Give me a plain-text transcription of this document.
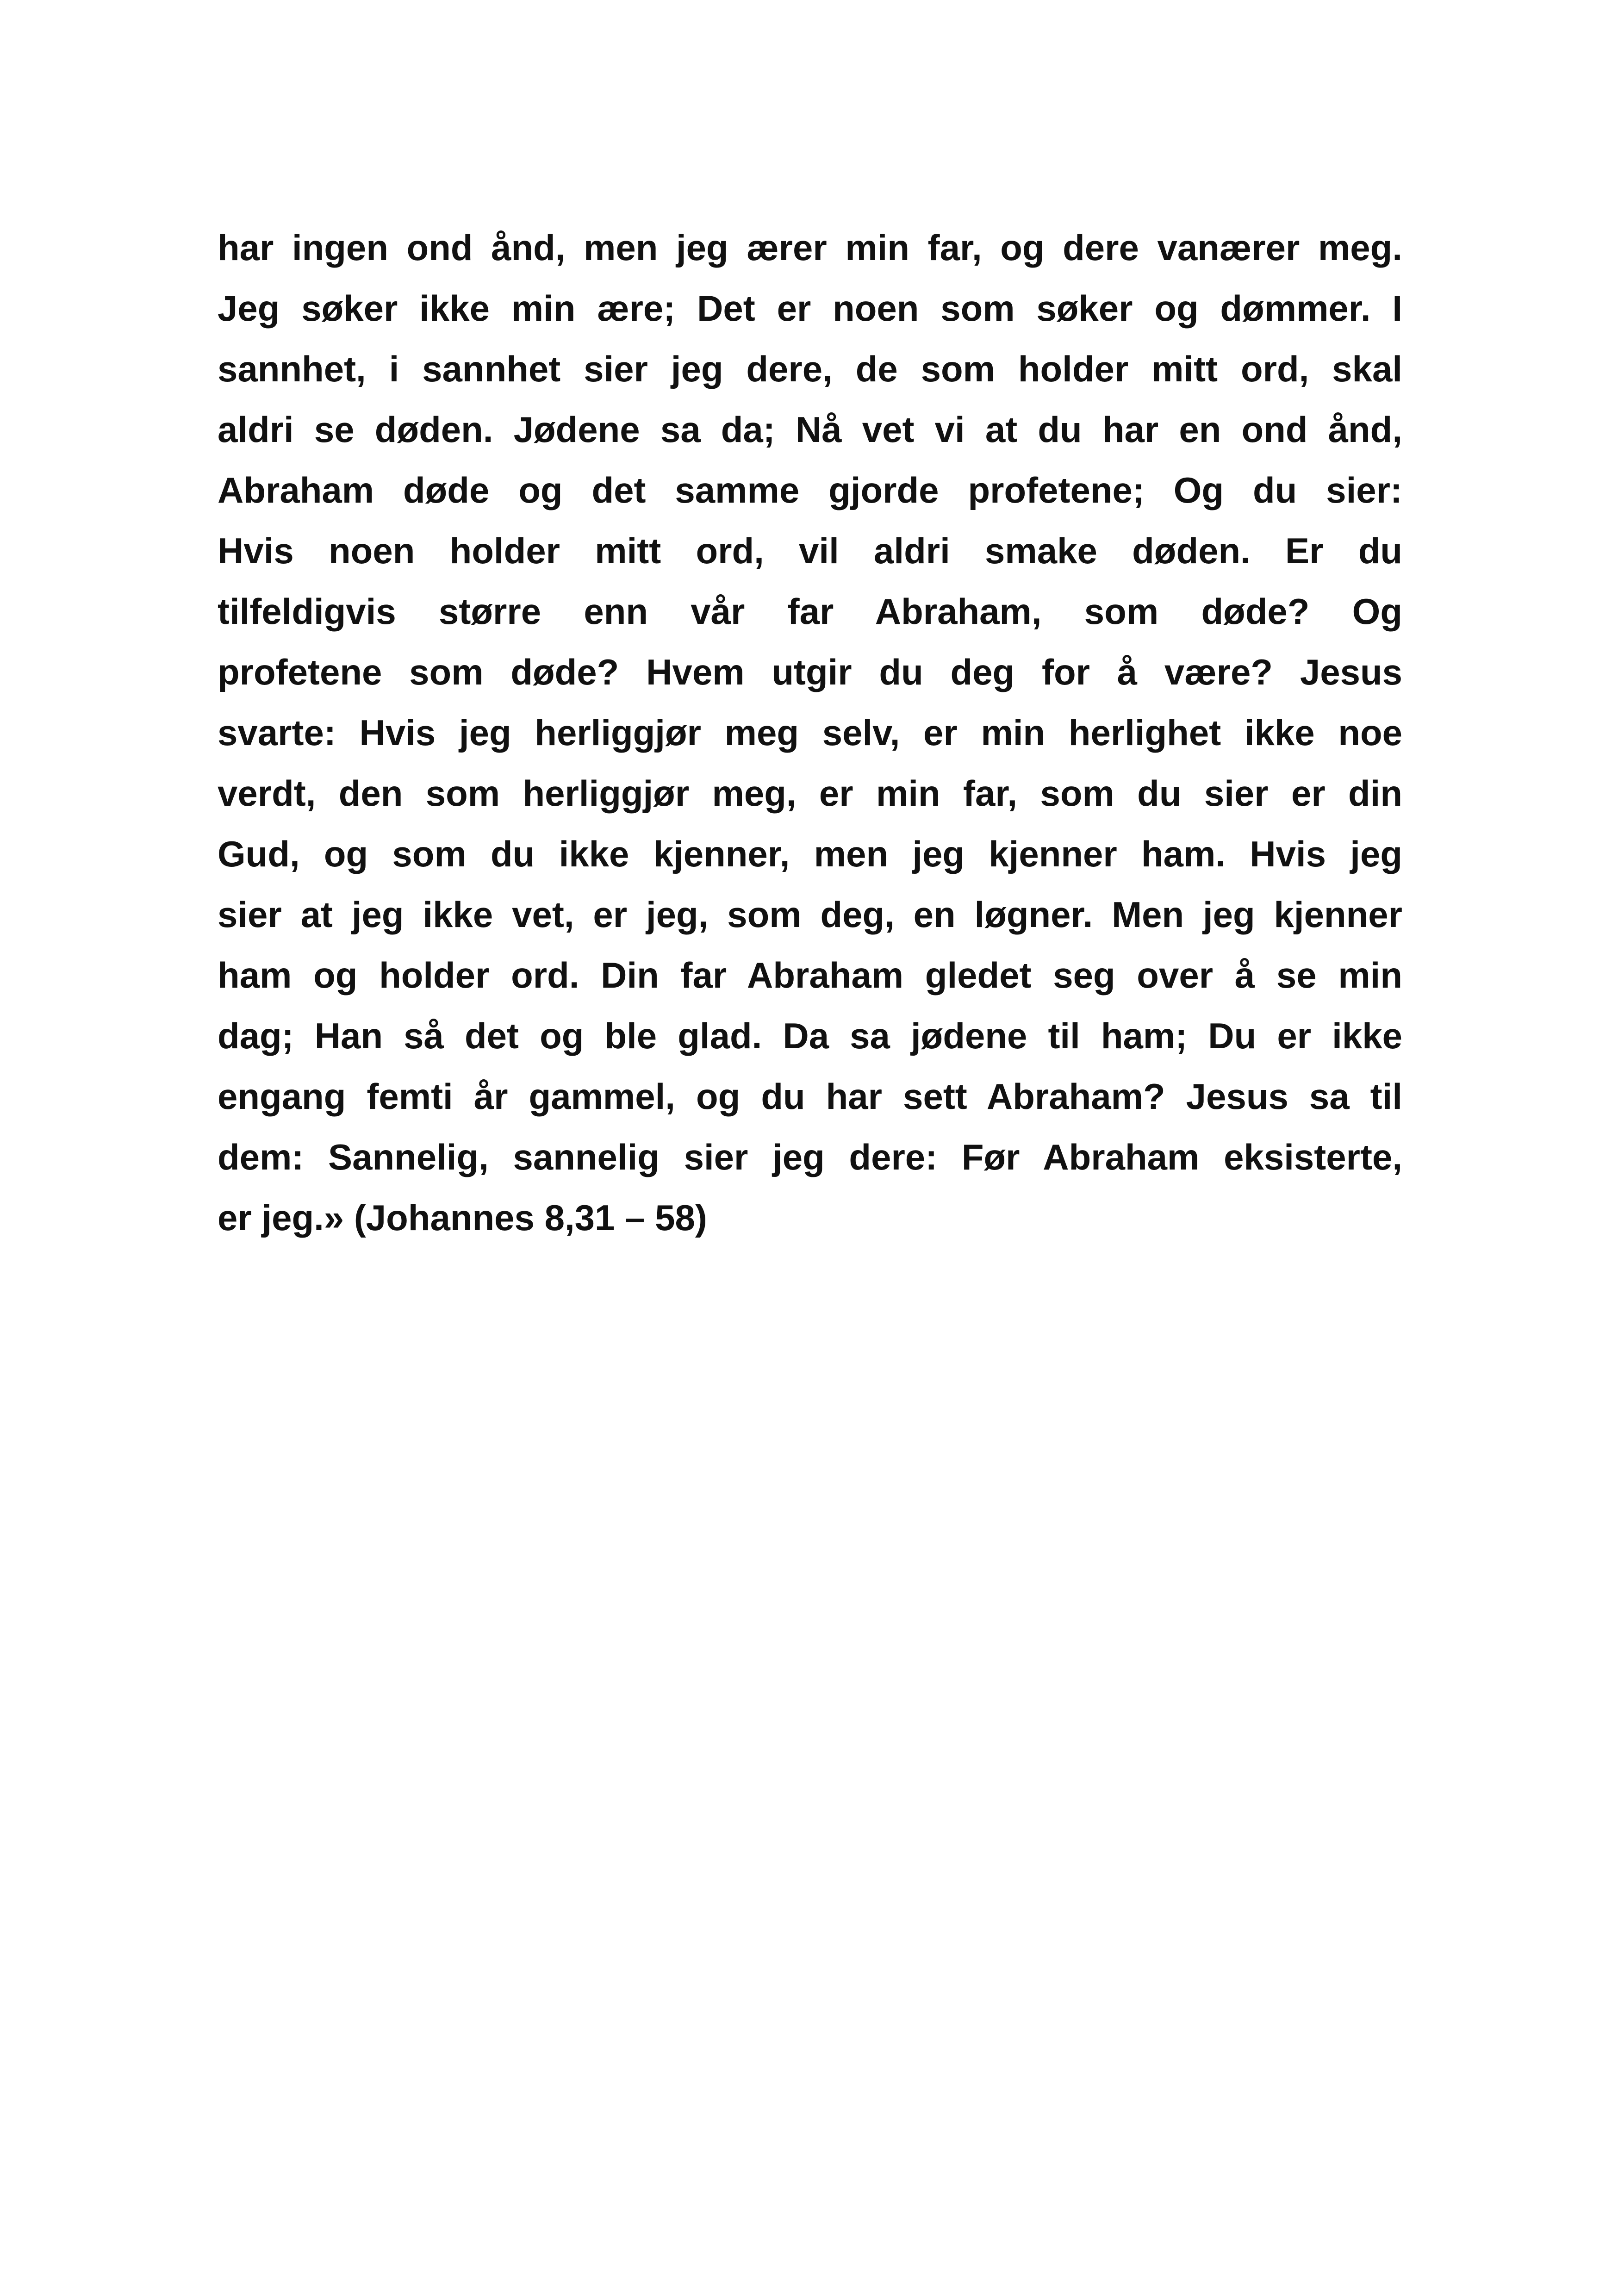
har ingen ond ånd, men jeg ærer min far, og dere vanærer meg.
Jeg søker ikke min ære; Det er noen som søker og dømmer. I
sannhet, i sannhet sier jeg dere, de som holder mitt ord, skal
aldri se døden. Jødene sa da; Nå vet vi at du har en ond ånd,
Abraham døde og det samme gjorde profetene; Og du sier:
Hvis noen holder mitt ord, vil aldri smake døden. Er du
tilfeldigvis større enn vår far Abraham, som døde? Og
profetene som døde? Hvem utgir du deg for å være? Jesus
svarte: Hvis jeg herliggjør meg selv, er min herlighet ikke noe
verdt, den som herliggjør meg, er min far, som du sier er din
Gud, og som du ikke kjenner, men jeg kjenner ham. Hvis jeg
sier at jeg ikke vet, er jeg, som deg, en løgner. Men jeg kjenner
ham og holder ord. Din far Abraham gledet seg over å se min
dag; Han så det og ble glad. Da sa jødene til ham; Du er ikke
engang femti år gammel, og du har sett Abraham? Jesus sa til
dem: Sannelig, sannelig sier jeg dere: Før Abraham eksisterte,
er jeg.» (Johannes 8,31 – 58)
